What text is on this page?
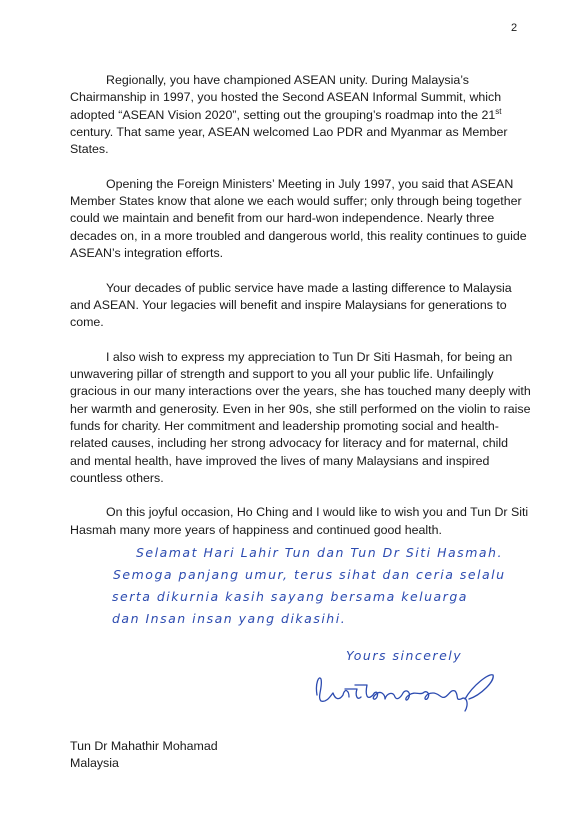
2

Regionally, you have championed ASEAN unity. During Malaysia’s Chairmanship in 1997, you hosted the Second ASEAN Informal Summit, which adopted “ASEAN Vision 2020”, setting out the grouping’s roadmap into the 21st century. That same year, ASEAN welcomed Lao PDR and Myanmar as Member States.

Opening the Foreign Ministers’ Meeting in July 1997, you said that ASEAN Member States know that alone we each would suffer; only through being together could we maintain and benefit from our hard-won independence. Nearly three decades on, in a more troubled and dangerous world, this reality continues to guide ASEAN’s integration efforts.

Your decades of public service have made a lasting difference to Malaysia and ASEAN. Your legacies will benefit and inspire Malaysians for generations to come.

I also wish to express my appreciation to Tun Dr Siti Hasmah, for being an unwavering pillar of strength and support to you all your public life. Unfailingly gracious in our many interactions over the years, she has touched many deeply with her warmth and generosity. Even in her 90s, she still performed on the violin to raise funds for charity. Her commitment and leadership promoting social and health-related causes, including her strong advocacy for literacy and for maternal, child and mental health, have improved the lives of many Malaysians and inspired countless others.

On this joyful occasion, Ho Ching and I would like to wish you and Tun Dr Siti Hasmah many more years of happiness and continued good health.

Selamat Hari Lahir Tun dan Tun Dr Siti Hasmah.
Semoga panjang umur, terus sihat dan ceria selalu
serta dikurnia kasih sayang bersama keluarga
dan Insan insan yang dikasihi.
Yours sincerely
Tun Dr Mahathir Mohamad
Malaysia
